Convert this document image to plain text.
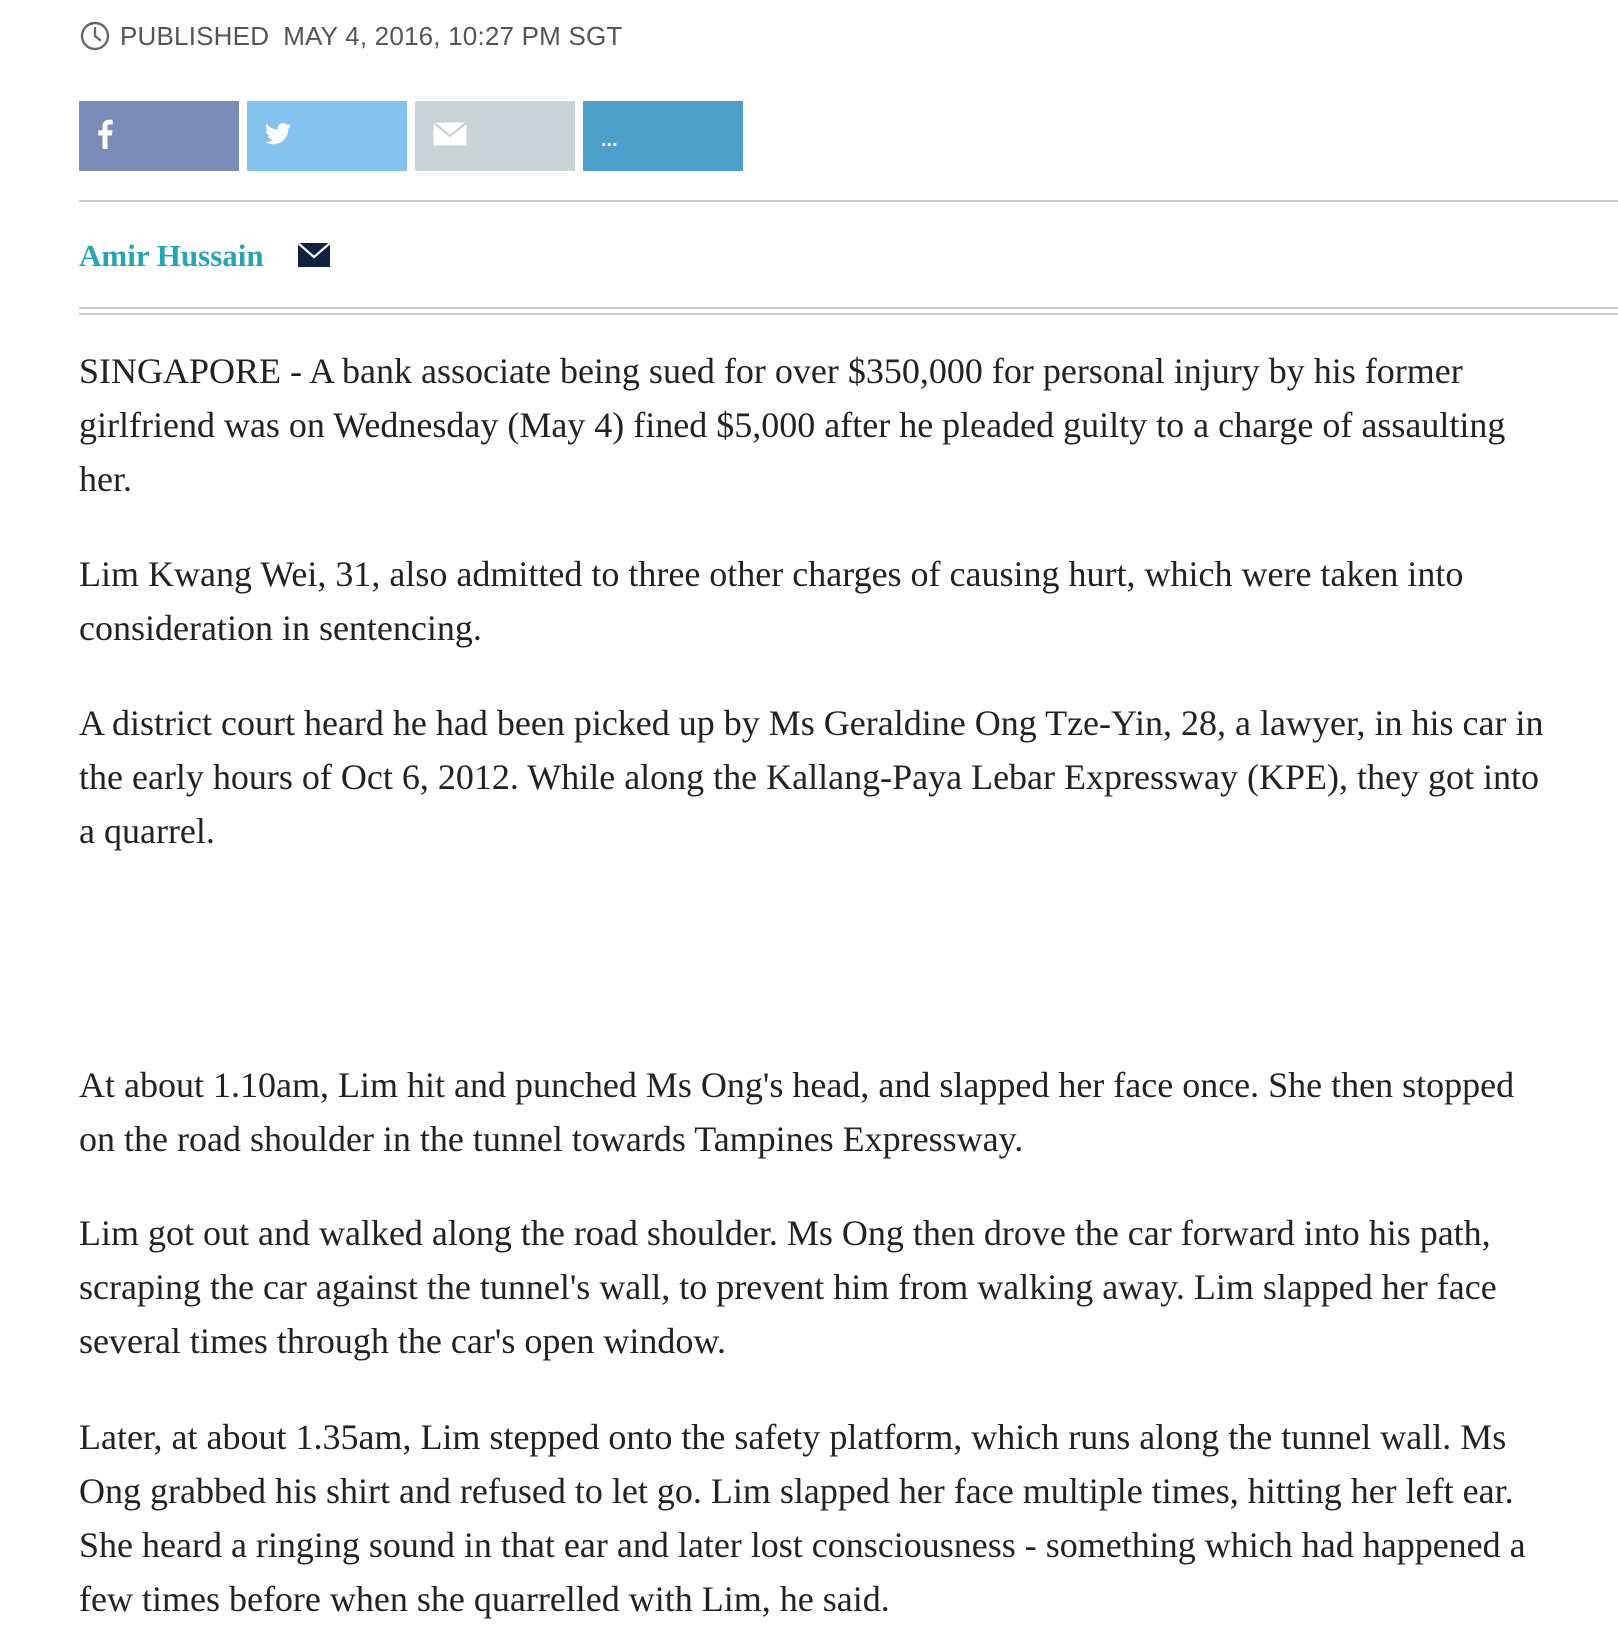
PUBLISHED MAY 4, 2016, 10:27 PM SGT
...
Amir Hussain

SINGAPORE - A bank associate being sued for over $350,000 for personal injury by his former girlfriend was on Wednesday (May 4) fined $5,000 after he pleaded guilty to a charge of assaulting her.

Lim Kwang Wei, 31, also admitted to three other charges of causing hurt, which were taken into consideration in sentencing.

A district court heard he had been picked up by Ms Geraldine Ong Tze-Yin, 28, a lawyer, in his car in the early hours of Oct 6, 2012. While along the Kallang-Paya Lebar Expressway (KPE), they got into a quarrel.

At about 1.10am, Lim hit and punched Ms Ong's head, and slapped her face once. She then stopped on the road shoulder in the tunnel towards Tampines Expressway.

Lim got out and walked along the road shoulder. Ms Ong then drove the car forward into his path, scraping the car against the tunnel's wall, to prevent him from walking away. Lim slapped her face several times through the car's open window.

Later, at about 1.35am, Lim stepped onto the safety platform, which runs along the tunnel wall. Ms Ong grabbed his shirt and refused to let go. Lim slapped her face multiple times, hitting her left ear. She heard a ringing sound in that ear and later lost consciousness - something which had happened a few times before when she quarrelled with Lim, he said.
